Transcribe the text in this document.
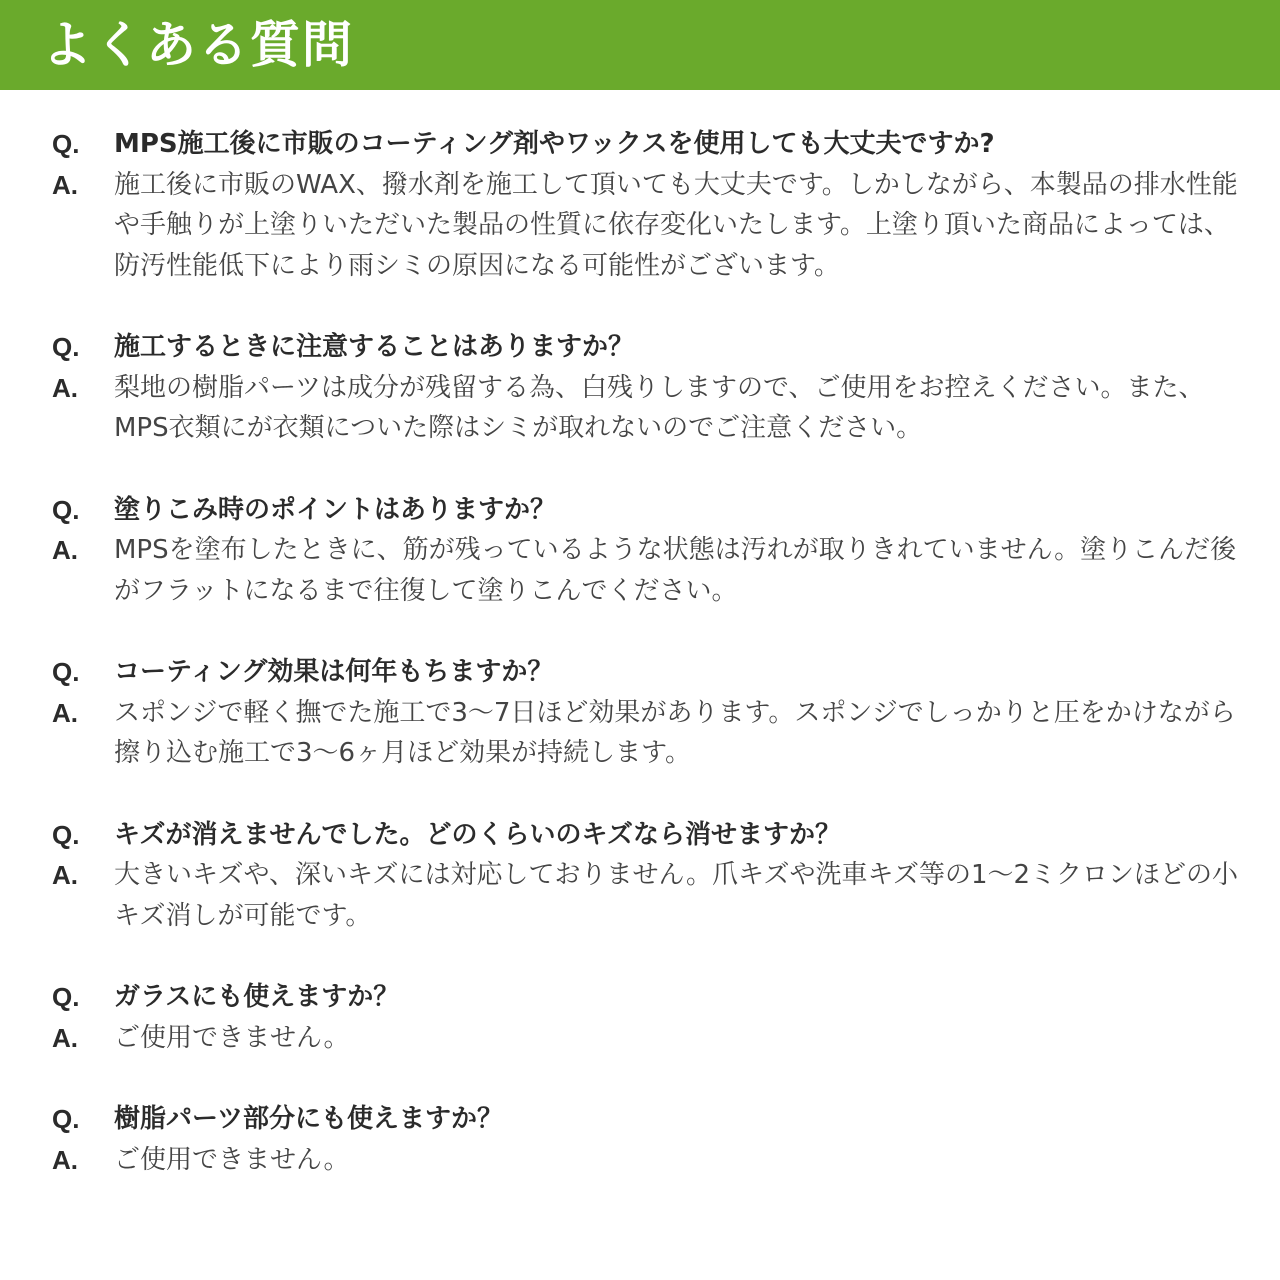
よくある質問
Q. MPS施工後に市販のコーティング剤やワックスを使用しても大丈夫ですか?
A. 施工後に市販のWAX、撥水剤を施工して頂いても大丈夫です。しかしながら、本製品の排水性能や手触りが上塗りいただいた製品の性質に依存変化いたします。上塗り頂いた商品によっては、防汚性能低下により雨シミの原因になる可能性がございます。
Q. 施工するときに注意することはありますか？
A. 梨地の樹脂パーツは成分が残留する為、白残りしますので、ご使用をお控えください。また、MPS衣類にが衣類についた際はシミが取れないのでご注意ください。
Q. 塗りこみ時のポイントはありますか？
A. MPSを塗布したときに、筋が残っているような状態は汚れが取りきれていません。塗りこんだ後がフラットになるまで往復して塗りこんでください。
Q. コーティング効果は何年もちますか？
A. スポンジで軽く撫でた施工で3～7日ほど効果があります。スポンジでしっかりと圧をかけながら擦り込む施工で3～6ヶ月ほど効果が持続します。
Q. キズが消えませんでした。どのくらいのキズなら消せますか？
A. 大きいキズや、深いキズには対応しておりません。爪キズや洗車キズ等の1～2ミクロンほどの小キズ消しが可能です。
Q. ガラスにも使えますか？
A. ご使用できません。
Q. 樹脂パーツ部分にも使えますか？
A. ご使用できません。
